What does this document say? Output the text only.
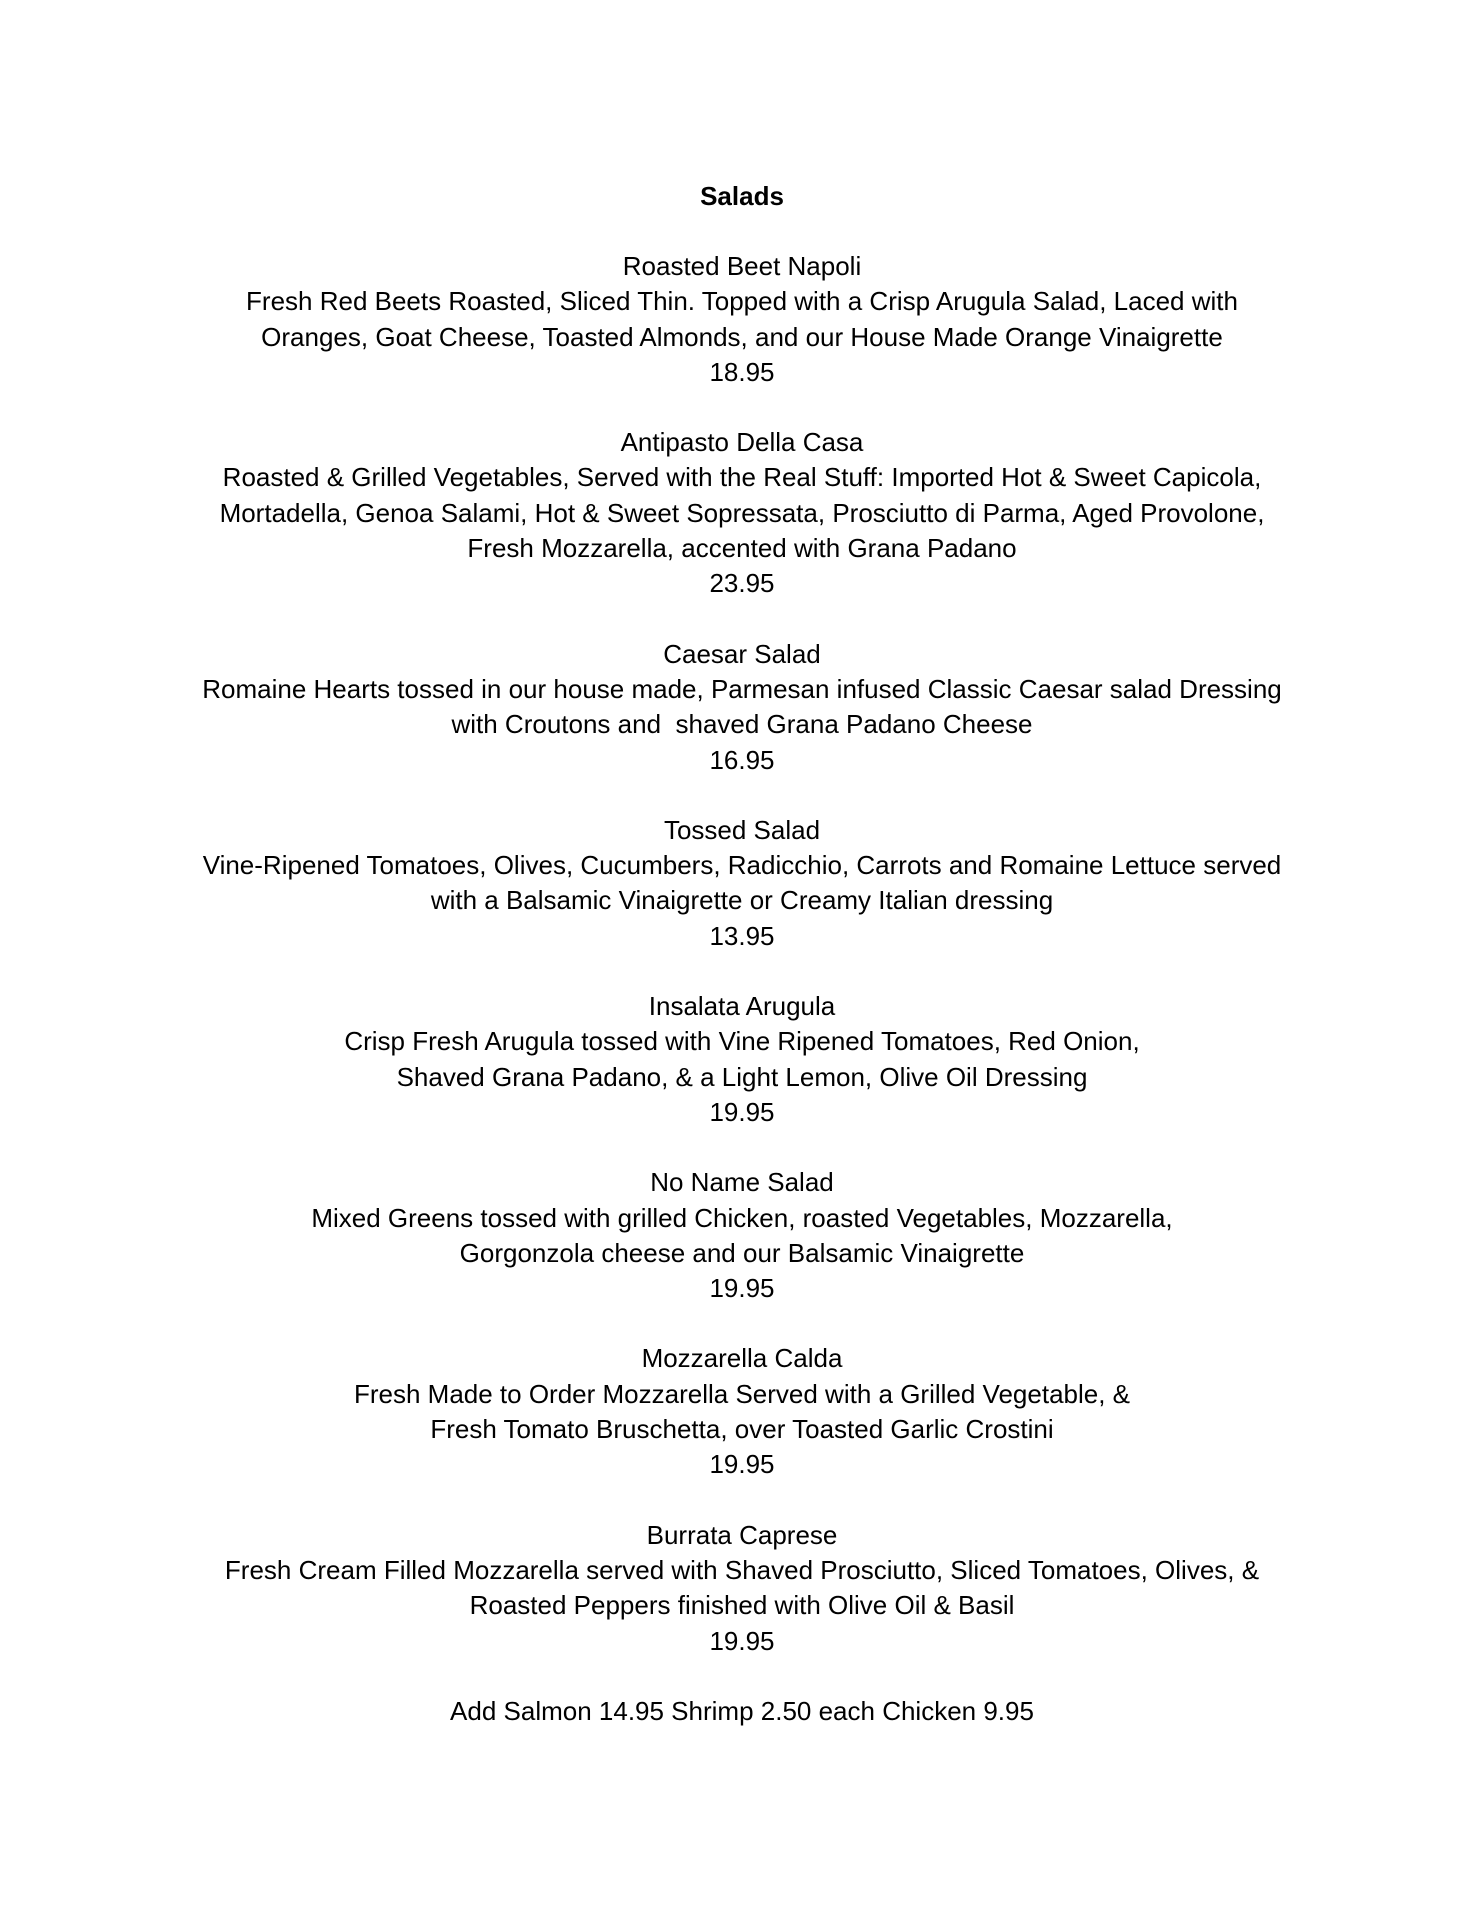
Salads
Roasted Beet Napoli
Fresh Red Beets Roasted, Sliced Thin. Topped with a Crisp Arugula Salad, Laced with
Oranges, Goat Cheese, Toasted Almonds, and our House Made Orange Vinaigrette
18.95
Antipasto Della Casa
Roasted & Grilled Vegetables, Served with the Real Stuff: Imported Hot & Sweet Capicola,
Mortadella, Genoa Salami, Hot & Sweet Sopressata, Prosciutto di Parma, Aged Provolone,
Fresh Mozzarella, accented with Grana Padano
23.95
Caesar Salad
Romaine Hearts tossed in our house made, Parmesan infused Classic Caesar salad Dressing
with Croutons and  shaved Grana Padano Cheese
16.95
Tossed Salad
Vine-Ripened Tomatoes, Olives, Cucumbers, Radicchio, Carrots and Romaine Lettuce served
with a Balsamic Vinaigrette or Creamy Italian dressing
13.95
Insalata Arugula
Crisp Fresh Arugula tossed with Vine Ripened Tomatoes, Red Onion,
Shaved Grana Padano, & a Light Lemon, Olive Oil Dressing
19.95
No Name Salad
Mixed Greens tossed with grilled Chicken, roasted Vegetables, Mozzarella,
Gorgonzola cheese and our Balsamic Vinaigrette
19.95
Mozzarella Calda
Fresh Made to Order Mozzarella Served with a Grilled Vegetable, &
Fresh Tomato Bruschetta, over Toasted Garlic Crostini
19.95
Burrata Caprese
Fresh Cream Filled Mozzarella served with Shaved Prosciutto, Sliced Tomatoes, Olives, &
Roasted Peppers finished with Olive Oil & Basil
19.95
Add Salmon 14.95 Shrimp 2.50 each Chicken 9.95
